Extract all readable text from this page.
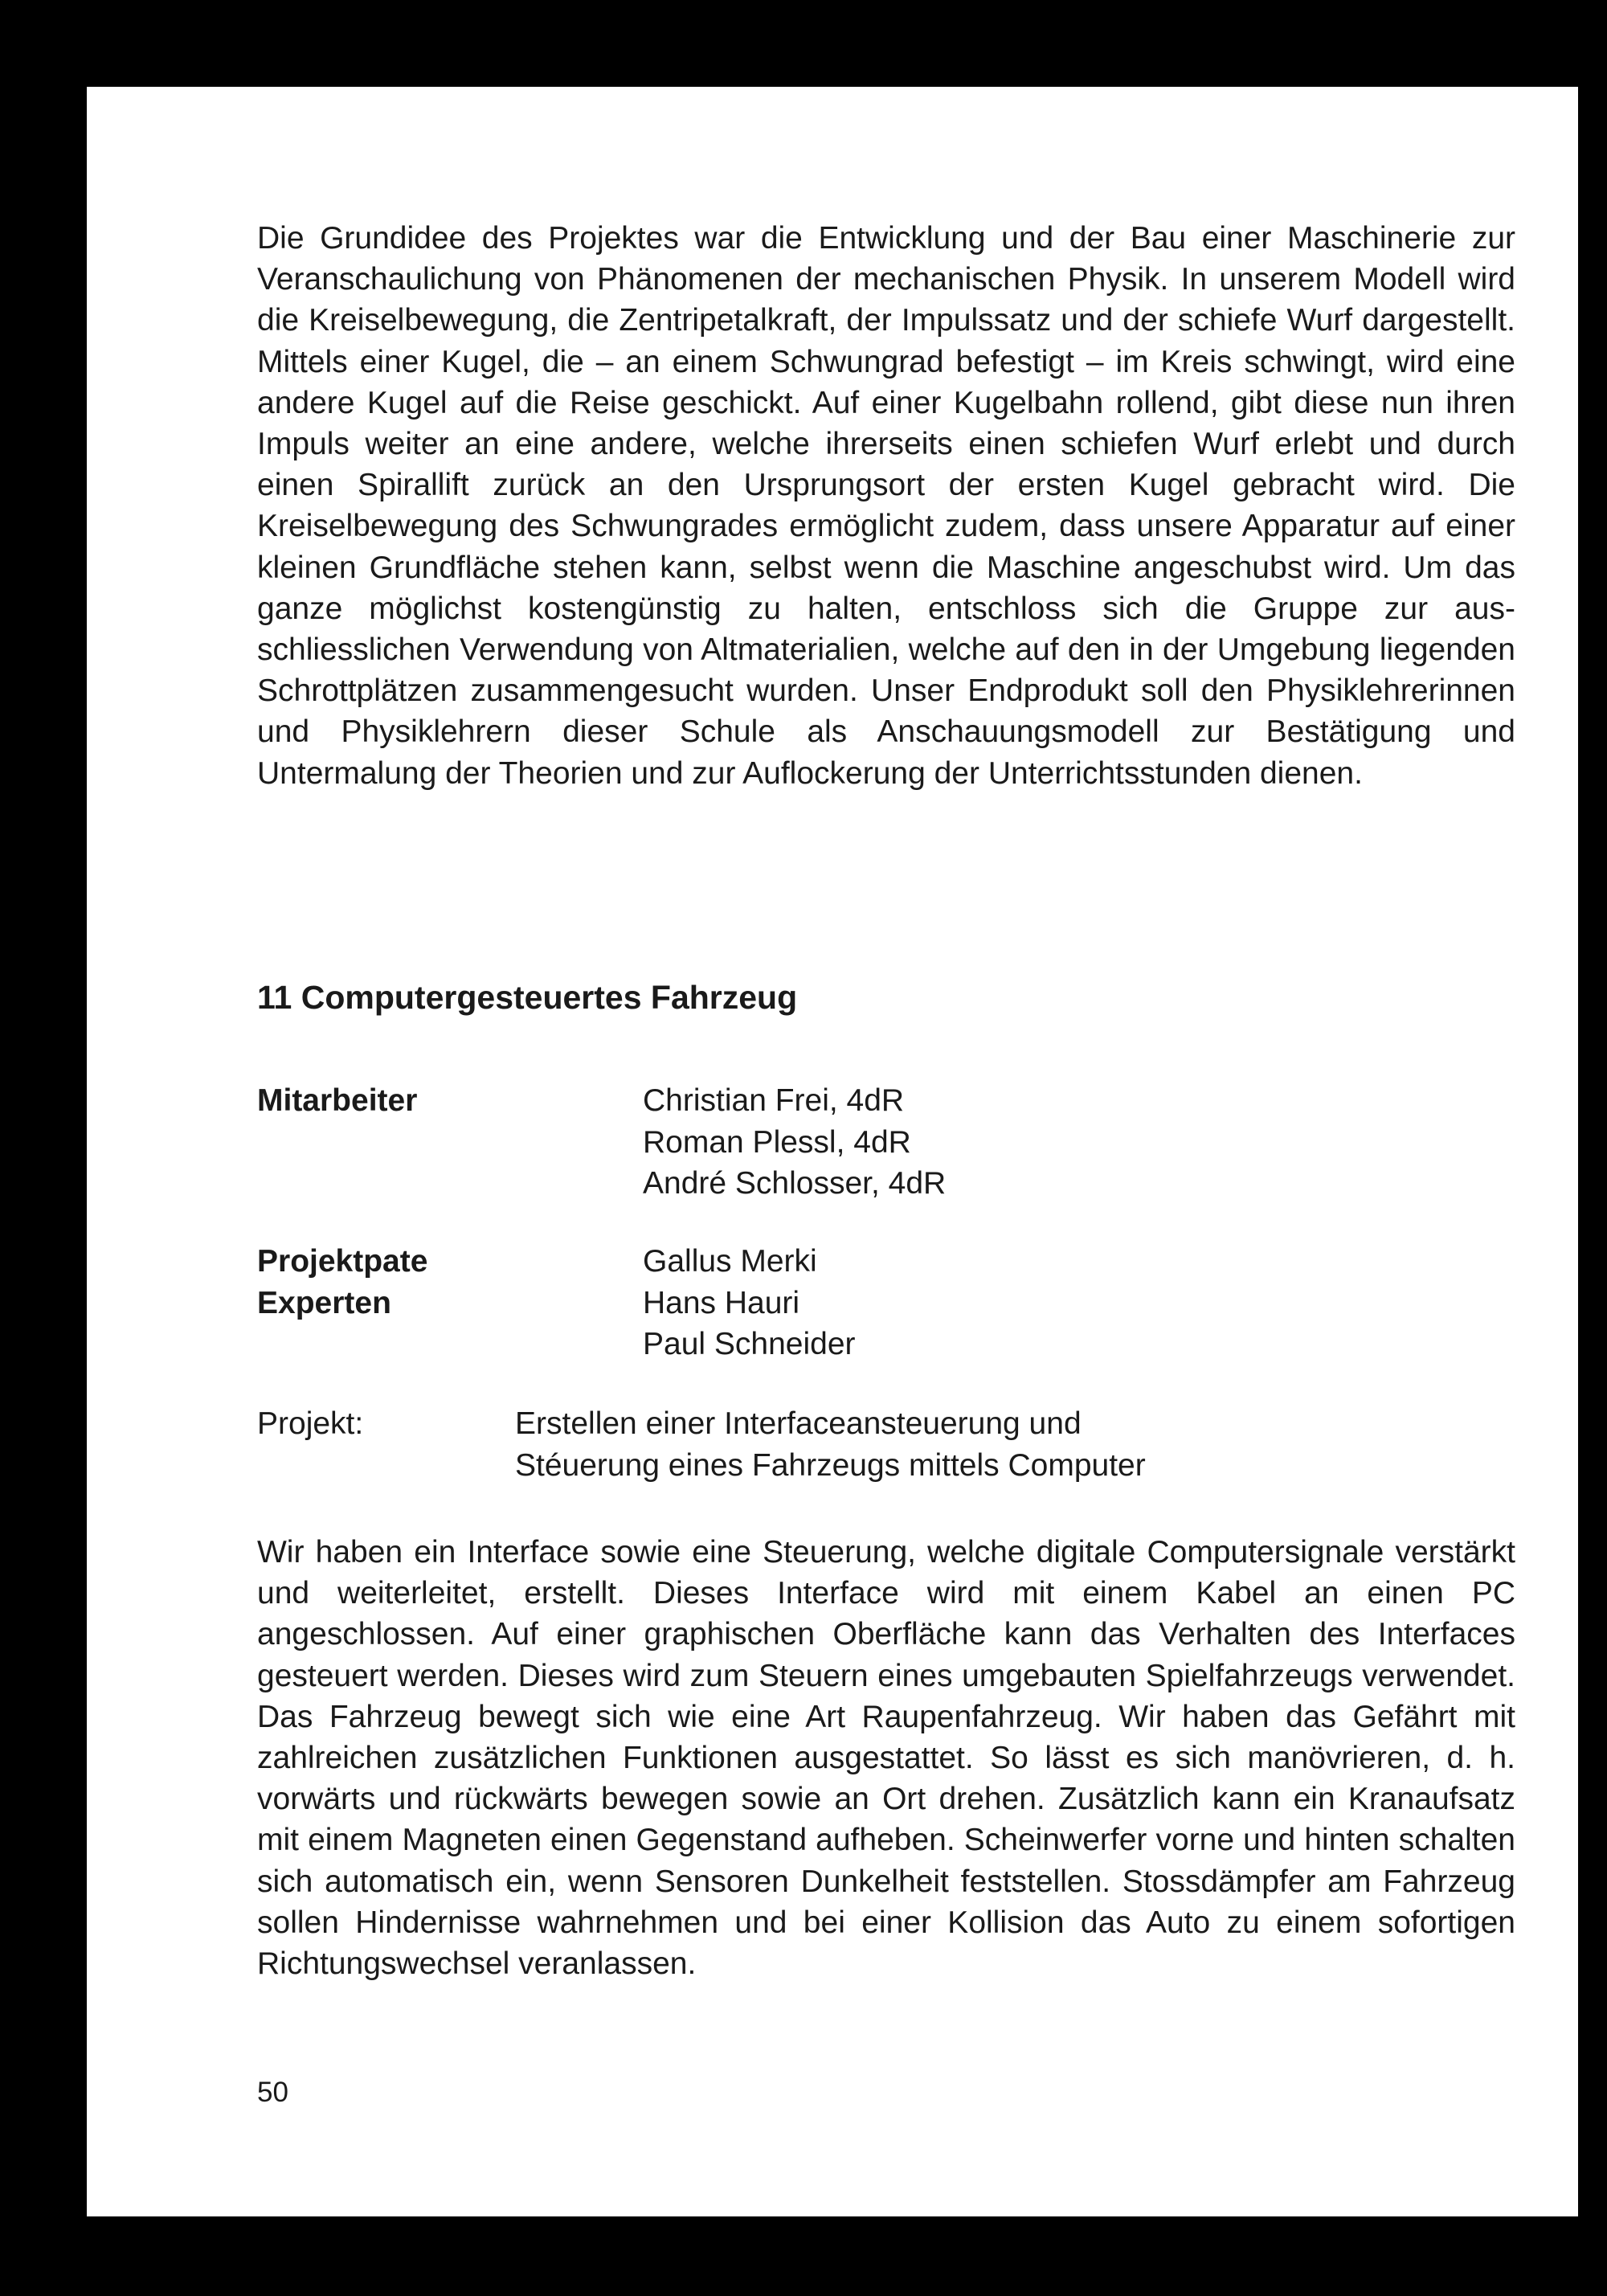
Die Grundidee des Projektes war die Entwicklung und der Bau einer Maschinerie zur Veranschaulichung von Phänomenen der mechanischen Physik. In unserem Modell wird die Kreiselbewegung, die Zentripetalkraft, der Impulssatz und der schiefe Wurf dargestellt. Mittels einer Kugel, die – an einem Schwungrad befestigt – im Kreis schwingt, wird eine andere Kugel auf die Reise geschickt. Auf einer Kugelbahn rollend, gibt diese nun ihren Impuls weiter an eine andere, welche ihrerseits einen schiefen Wurf erlebt und durch einen Spirallift zurück an den Ursprungsort der ersten Kugel gebracht wird. Die Kreiselbewegung des Schwungrades ermöglicht zudem, dass unsere Apparatur auf einer kleinen Grundfläche stehen kann, selbst wenn die Maschine angeschubst wird. Um das ganze möglichst kostengünstig zu halten, entschloss sich die Gruppe zur ausschliesslichen Verwendung von Altmaterialien, welche auf den in der Umgebung liegenden Schrottplätzen zusammengesucht wurden. Unser Endprodukt soll den Physiklehrerinnen und Physiklehrern dieser Schule als Anschauungsmodell zur Bestätigung und Untermalung der Theorien und zur Auflockerung der Unterrichtsstunden dienen.

11 Computergesteuertes Fahrzeug
Mitarbeiter	Christian Frei, 4dR
Roman Plessl, 4dR
André Schlosser, 4dR
Projektpate
Experten
Gallus Merki
Hans Hauri
Paul Schneider
Projekt:	Erstellen einer Interfaceansteuerung und
Stéuerung eines Fahrzeugs mittels Computer

Wir haben ein Interface sowie eine Steuerung, welche digitale Computersignale verstärkt und weiterleitet, erstellt. Dieses Interface wird mit einem Kabel an einen PC angeschlossen. Auf einer graphischen Oberfläche kann das Verhalten des Interfaces gesteuert werden. Dieses wird zum Steuern eines umgebauten Spielfahrzeugs verwendet. Das Fahrzeug bewegt sich wie eine Art Raupenfahrzeug. Wir haben das Gefährt mit zahlreichen zusätzlichen Funktionen ausgestattet. So lässt es sich manövrieren, d. h. vorwärts und rückwärts bewegen sowie an Ort drehen. Zusätzlich kann ein Kranaufsatz mit einem Magneten einen Gegenstand aufheben. Scheinwerfer vorne und hinten schalten sich automatisch ein, wenn Sensoren Dunkelheit feststellen. Stossdämpfer am Fahrzeug sollen Hindernisse wahrnehmen und bei einer Kollision das Auto zu einem sofortigen Richtungswechsel veranlassen.

50
